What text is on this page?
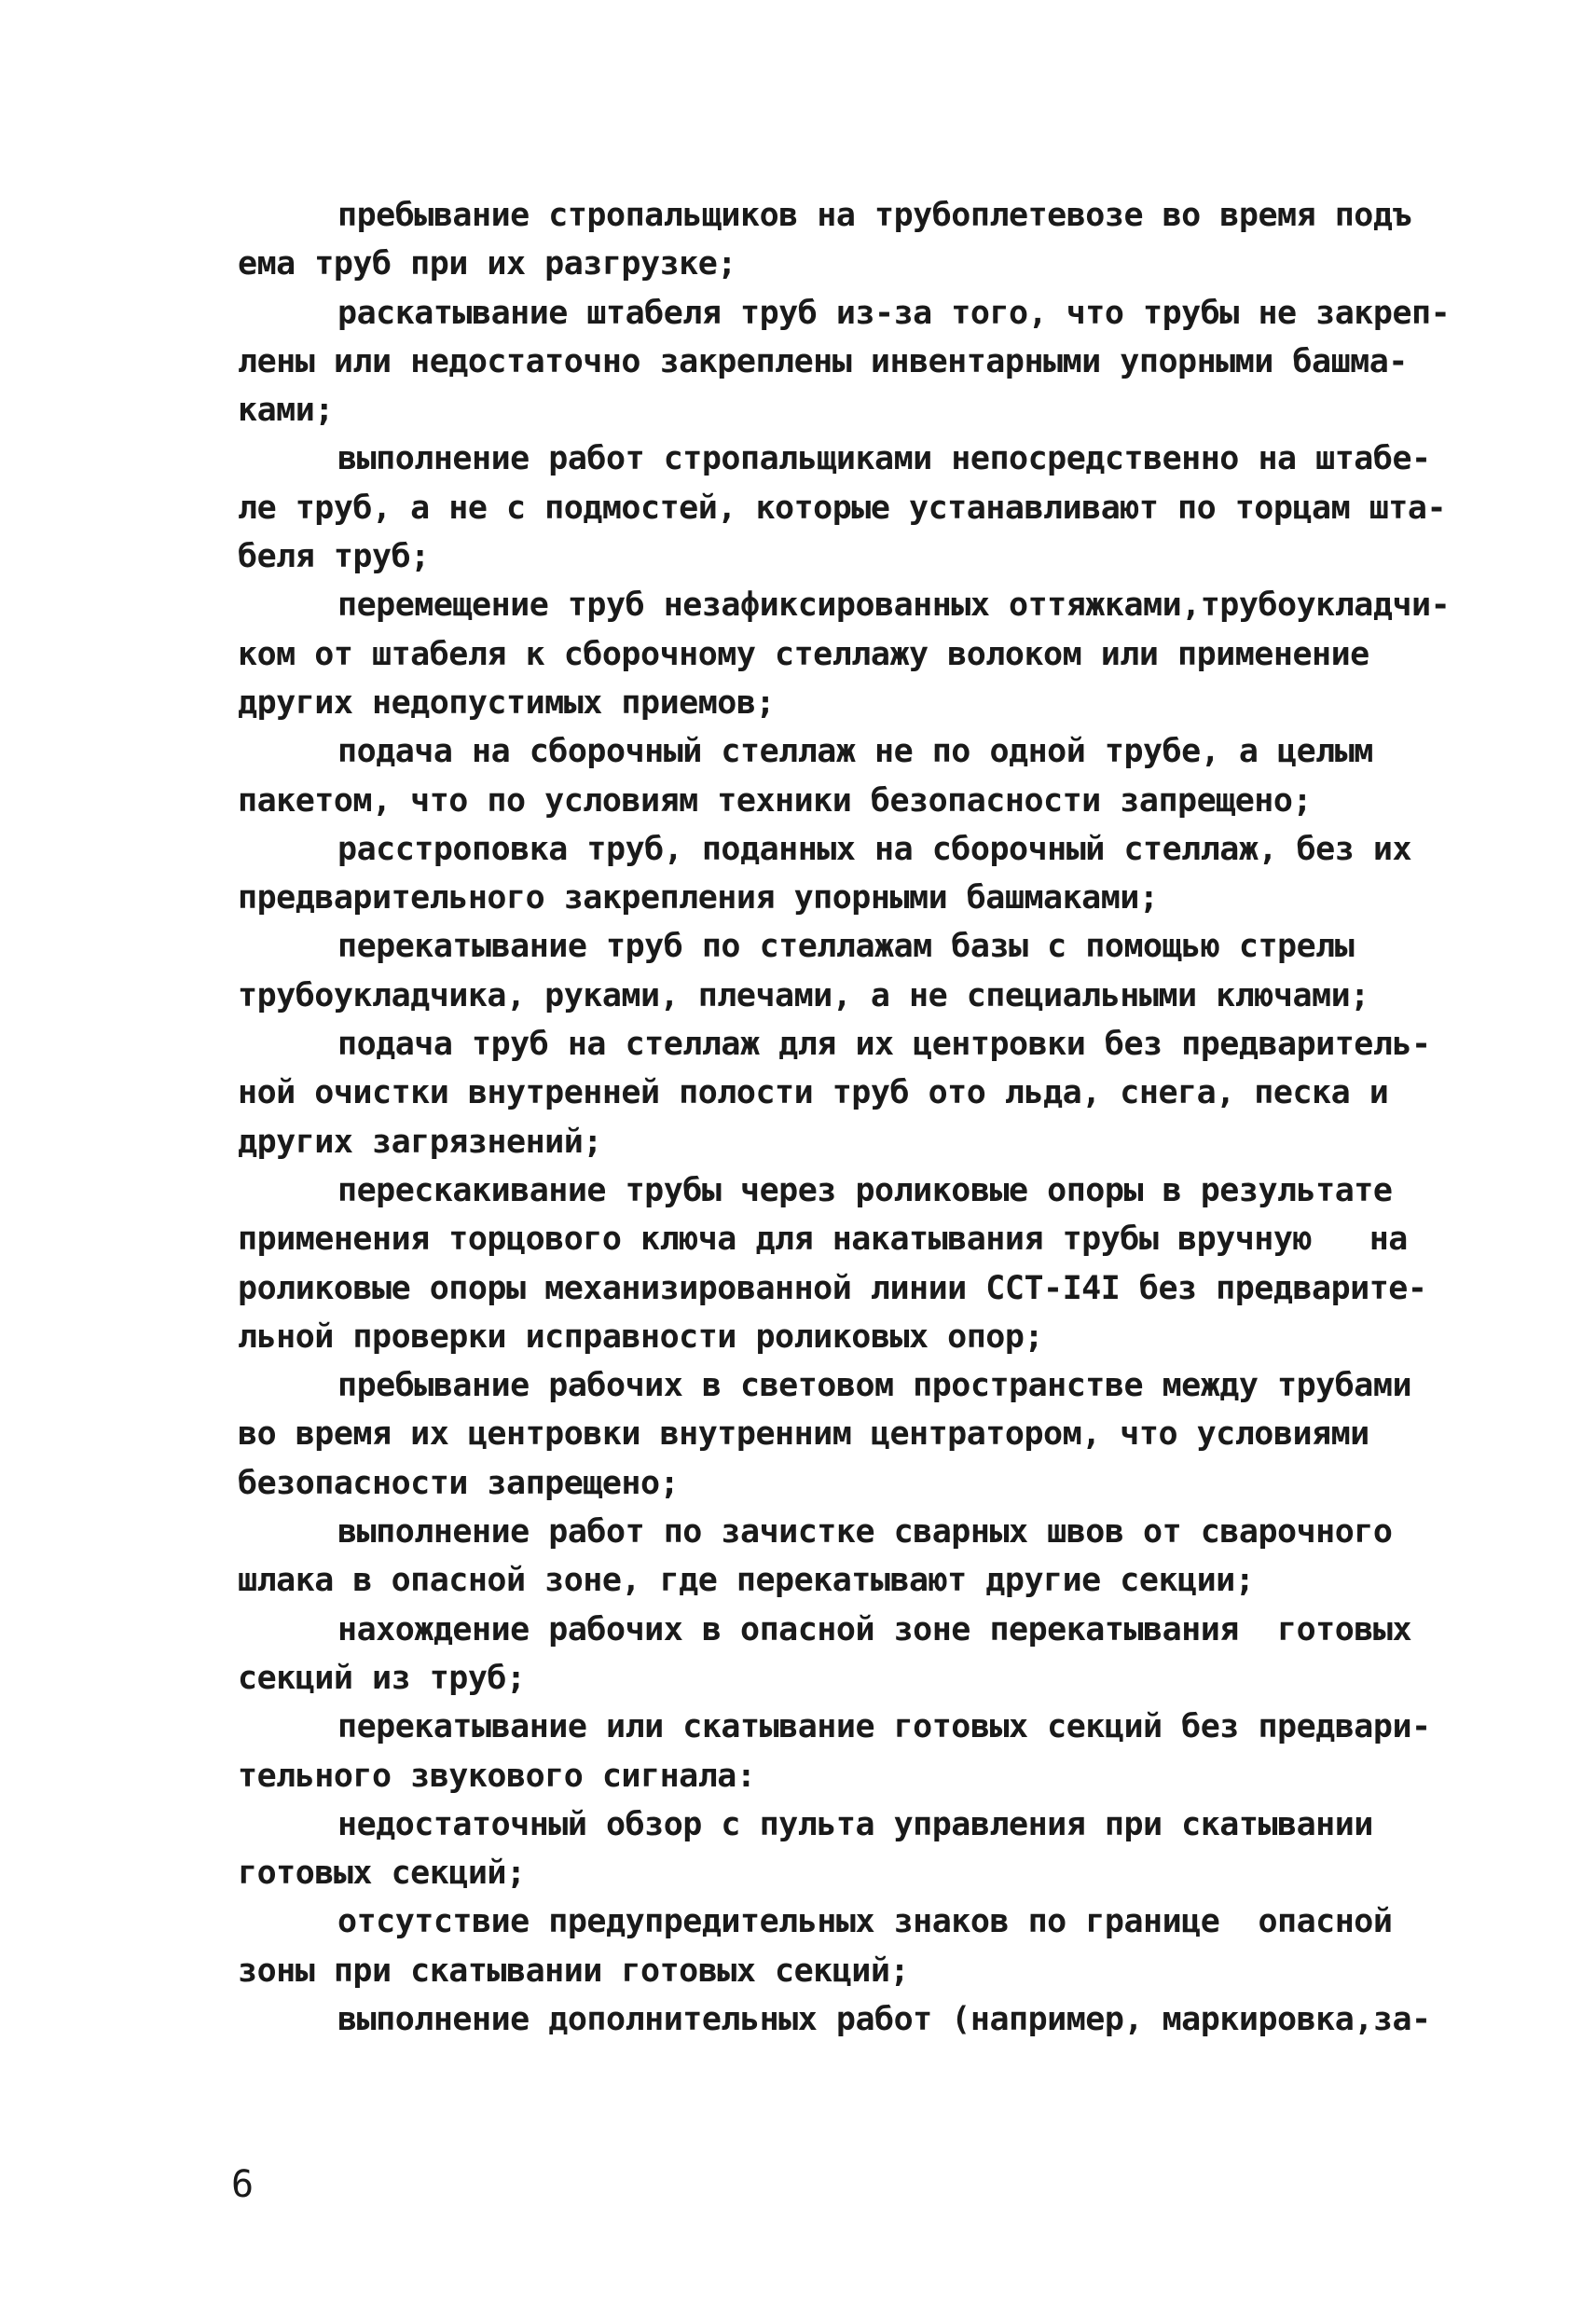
пребывание стропальщиков на трубоплетевозе во время подъ
ема труб при их разгрузке;
раскатывание штабеля труб из-за того, что трубы не закреп-
лены или недостаточно закреплены инвентарными упорными башма-
ками;
выполнение работ стропальщиками непосредственно на штабе-
ле труб, а не с подмостей, которые устанавливают по торцам шта-
беля труб;
перемещение труб незафиксированных оттяжками,трубоукладчи-
ком от штабеля к сборочному стеллажу волоком или применение
других недопустимых приемов;
подача на сборочный стеллаж не по одной трубе, а целым
пакетом, что по условиям техники безопасности запрещено;
расстроповка труб, поданных на сборочный стеллаж, без их
предварительного закрепления упорными башмаками;
перекатывание труб по стеллажам базы с помощью стрелы
трубоукладчика, руками, плечами, а не специальными ключами;
подача труб на стеллаж для их центровки без предваритель-
ной очистки внутренней полости труб ото льда, снега, песка и
других загрязнений;
перескакивание трубы через роликовые опоры в результате
применения торцового ключа для накатывания трубы вручную   на
роликовые опоры механизированной линии ССТ-I4I без предварите-
льной проверки исправности роликовых опор;
пребывание рабочих в световом пространстве между трубами
во время их центровки внутренним центратором, что условиями
безопасности запрещено;
выполнение работ по зачистке сварных швов от сварочного
шлака в опасной зоне, где перекатывают другие секции;
нахождение рабочих в опасной зоне перекатывания  готовых
секций из труб;
перекатывание или скатывание готовых секций без предвари-
тельного звукового сигнала:
недостаточный обзор с пульта управления при скатывании
готовых секций;
отсутствие предупредительных знаков по границе  опасной
зоны при скатывании готовых секций;
выполнение дополнительных работ (например, маркировка,за-
6
